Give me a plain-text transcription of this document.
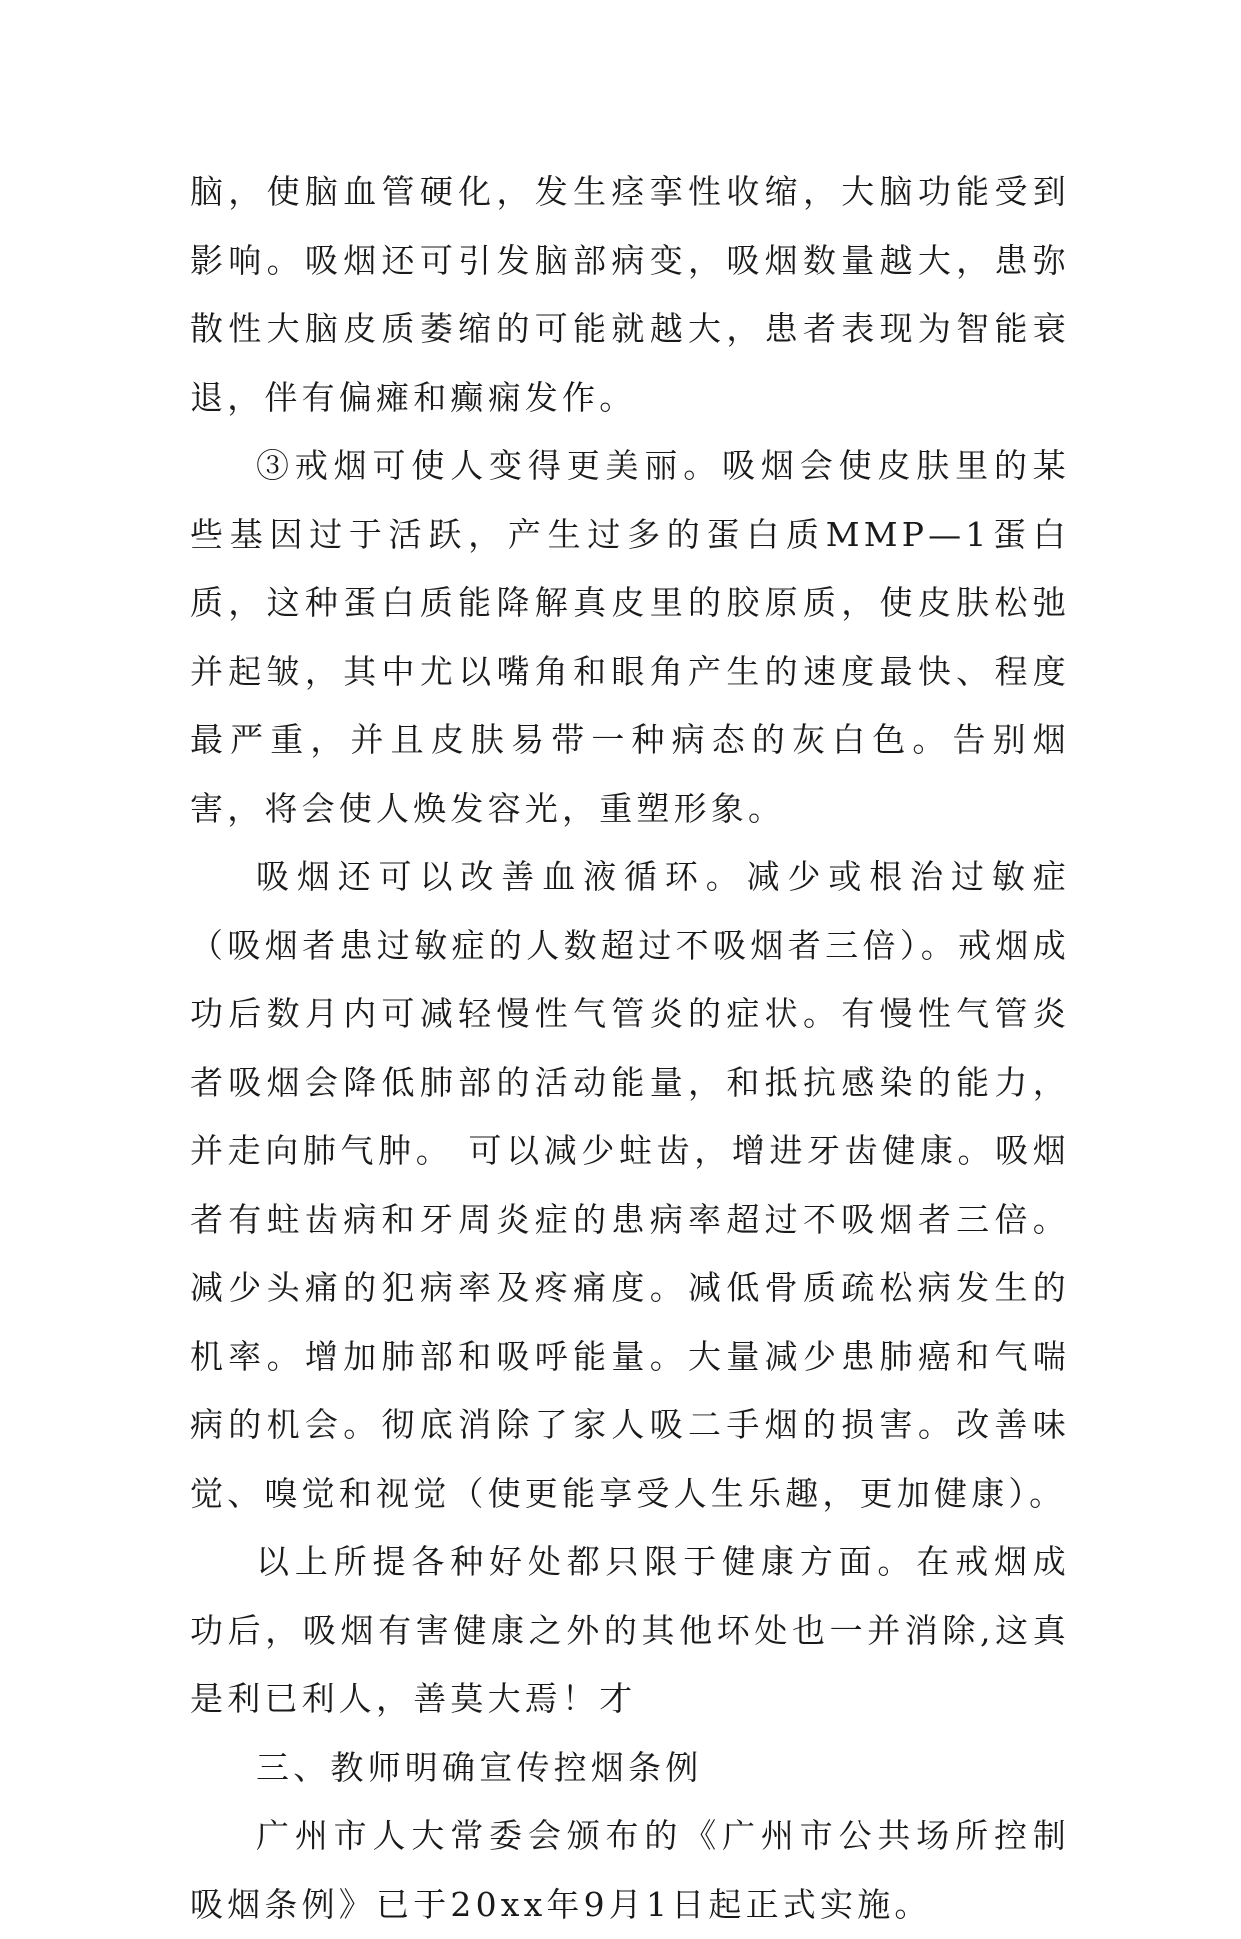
脑，使脑血管硬化，发生痉挛性收缩，大脑功能受到影响。吸烟还可引发脑部病变，吸烟数量越大，患弥散性大脑皮质萎缩的可能就越大，患者表现为智能衰退，伴有偏瘫和癫痫发作。

③戒烟可使人变得更美丽。吸烟会使皮肤里的某些基因过于活跃，产生过多的蛋白质MMP—1蛋白质，这种蛋白质能降解真皮里的胶原质，使皮肤松弛并起皱，其中尤以嘴角和眼角产生的速度最快、程度最严重，并且皮肤易带一种病态的灰白色。告别烟害，将会使人焕发容光，重塑形象。

吸烟还可以改善血液循环。减少或根治过敏症（吸烟者患过敏症的人数超过不吸烟者三倍）。戒烟成功后数月内可减轻慢性气管炎的症状。有慢性气管炎者吸烟会降低肺部的活动能量，和抵抗感染的能力，并走向肺气肿。 可以减少蛀齿，增进牙齿健康。吸烟者有蛀齿病和牙周炎症的患病率超过不吸烟者三倍。 减少头痛的犯病率及疼痛度。减低骨质疏松病发生的机率。增加肺部和吸呼能量。大量减少患肺癌和气喘病的机会。彻底消除了家人吸二手烟的损害。改善味觉、嗅觉和视觉（使更能享受人生乐趣，更加健康）。

以上所提各种好处都只限于健康方面。在戒烟成功后，吸烟有害健康之外的其他坏处也一并消除,这真是利已利人，善莫大焉！才

三、教师明确宣传控烟条例

广州市人大常委会颁布的《广州市公共场所控制吸烟条例》已于20xx年9月1日起正式实施。
